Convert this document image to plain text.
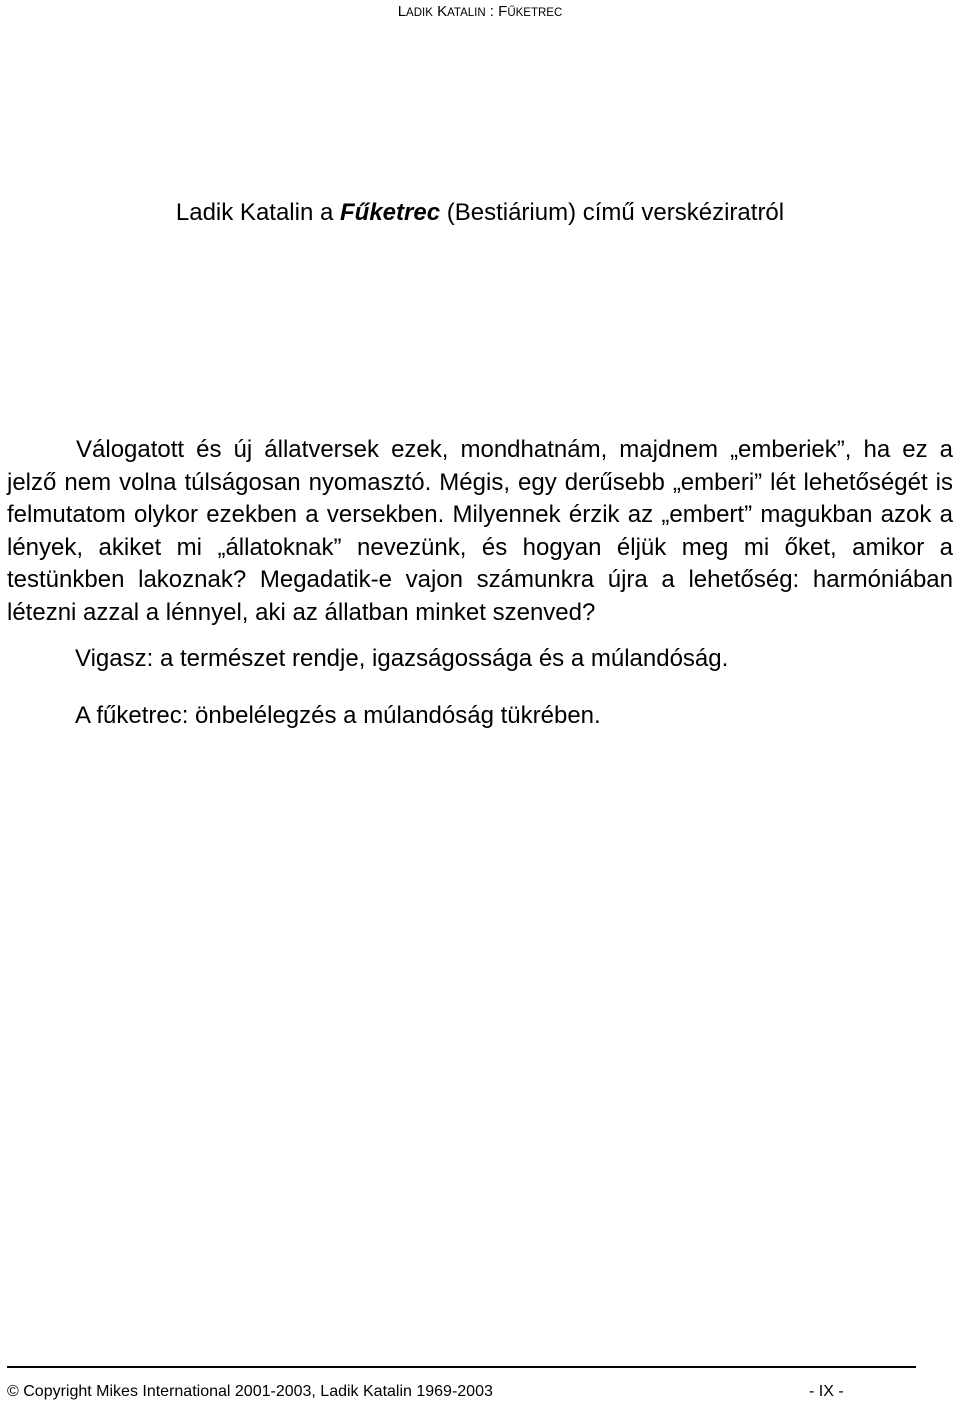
LADIK KATALIN : FŰKETREC
Ladik Katalin a Fűketrec (Bestiárium) című verskéziratról

Válogatott és új állatversek ezek, mondhatnám, majdnem „emberiek”, ha ez a jelző nem volna túlságosan nyomasztó. Mégis, egy derűsebb „emberi” lét lehetőségét is felmutatom olykor ezekben a versekben. Milyennek érzik az „embert” magukban azok a lények, akiket mi „állatoknak” nevezünk, és hogyan éljük meg mi őket, amikor a testünkben lakoznak? Megadatik-e vajon számunkra újra a lehetőség: harmóniában létezni azzal a lénnyel, aki az állatban minket szenved?

Vigasz: a természet rendje, igazságossága és a múlandóság.

A fűketrec: önbelélegzés a múlandóság tükrében.

© Copyright Mikes International 2001-2003, Ladik Katalin 1969-2003	- IX -
